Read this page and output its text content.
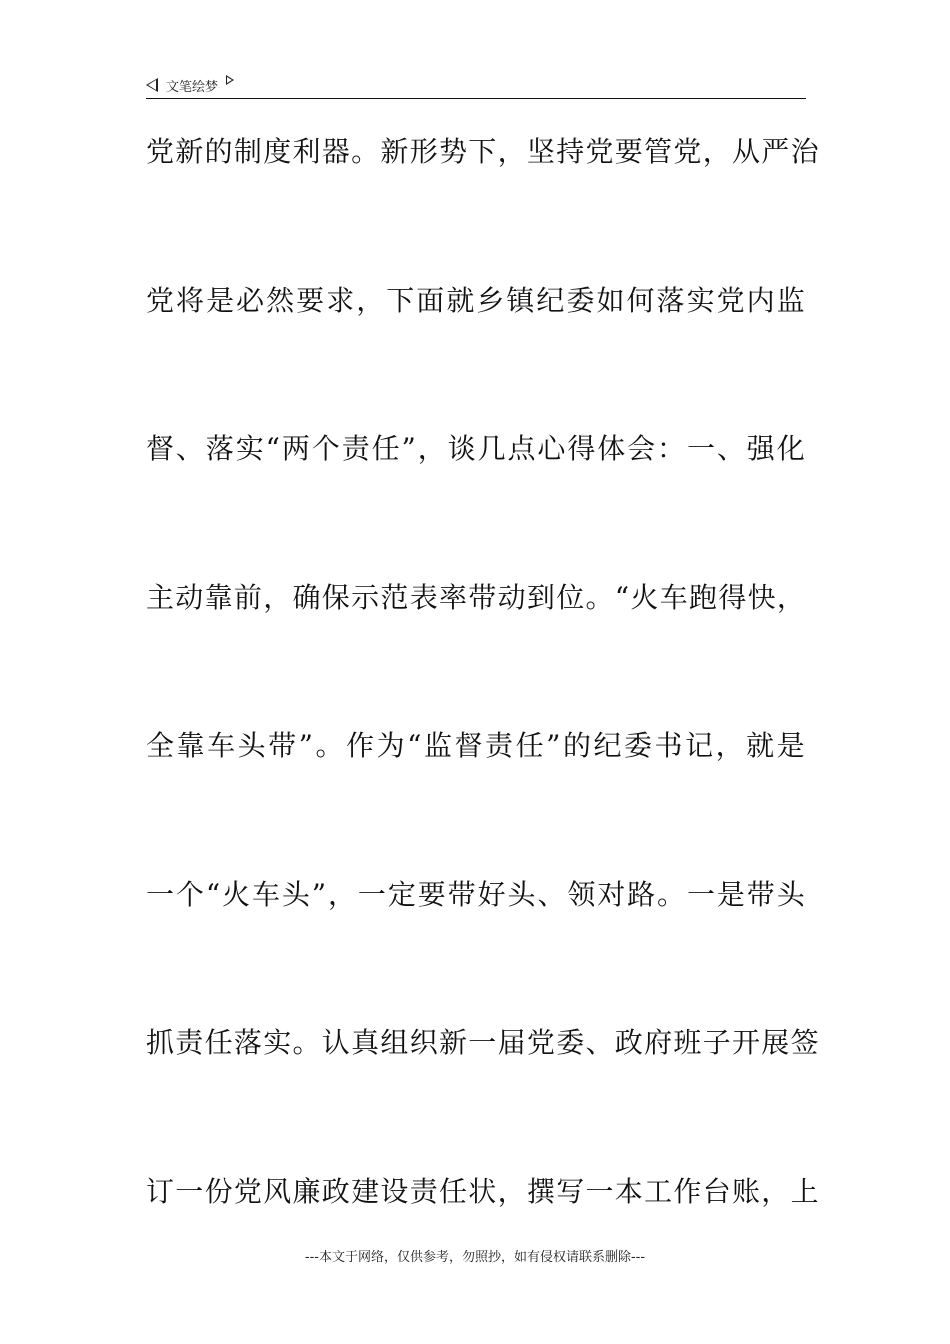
文笔绘梦
党新的制度利器。新形势下，坚持党要管党，从严治
党将是必然要求，下面就乡镇纪委如何落实党内监
督、落实“两个责任”，谈几点心得体会：一、强化
主动靠前，确保示范表率带动到位。“火车跑得快，
全靠车头带”。作为“监督责任”的纪委书记，就是
一个“火车头”，一定要带好头、领对路。一是带头
抓责任落实。认真组织新一届党委、政府班子开展签
订一份党风廉政建设责任状，撰写一本工作台账，上
---本文于网络，仅供参考，勿照抄，如有侵权请联系删除---
